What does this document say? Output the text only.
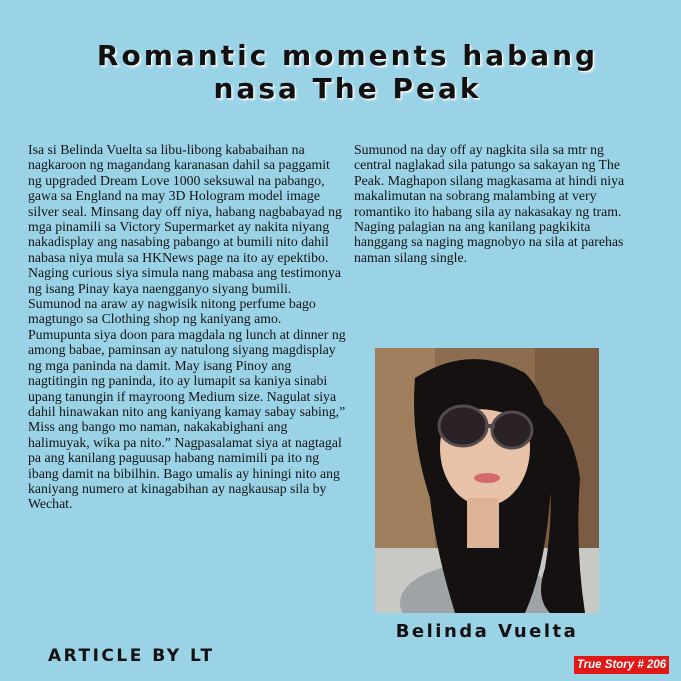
Romantic moments habang nasa The Peak

Isa si Belinda Vuelta sa libu-libong kababaihan na nagkaroon ng magandang karanasan dahil sa paggamit ng upgraded Dream Love 1000 seksuwal na pabango, gawa sa England na may 3D Hologram model image silver seal. Minsang day off niya, habang nagbabayad ng mga pinamili sa Victory Supermarket ay nakita niyang nakadisplay ang nasabing pabango at bumili nito dahil nabasa niya mula sa HKNews page na ito ay epektibo. Naging curious siya simula nang mabasa ang testimonya ng isang Pinay kaya naengganyo siyang bumili.

Sumunod na araw ay nagwisik nitong perfume bago magtungo sa Clothing shop ng kaniyang amo. Pumupunta siya doon para magdala ng lunch at dinner ng among babae, paminsan ay natulong siyang magdisplay ng mga paninda na damit. May isang Pinoy ang nagtitingin ng paninda, ito ay lumapit sa kaniya sinabi upang tanungin if mayroong Medium size. Nagulat siya dahil hinawakan nito ang kaniyang kamay sabay sabing,” Miss ang bango mo naman, nakakabighani ang halimuyak, wika pa nito.” Nagpasalamat siya at nagtagal pa ang kanilang paguusap habang namimili pa ito ng ibang damit na bibilhin. Bago umalis ay hiningi nito ang kaniyang numero at kinagabihan ay nagkausap sila by Wechat.

Sumunod na day off ay nagkita sila sa mtr ng central naglakad sila patungo sa sakayan ng The Peak. Maghapon silang magkasama at hindi niya makalimutan na sobrang malambing at very romantiko ito habang sila ay nakasakay ng tram. Naging palagian na ang kanilang pagkikita hanggang sa naging magnobyo na sila at parehas naman silang single.

Belinda Vuelta
ARTICLE BY LT	True Story # 206
